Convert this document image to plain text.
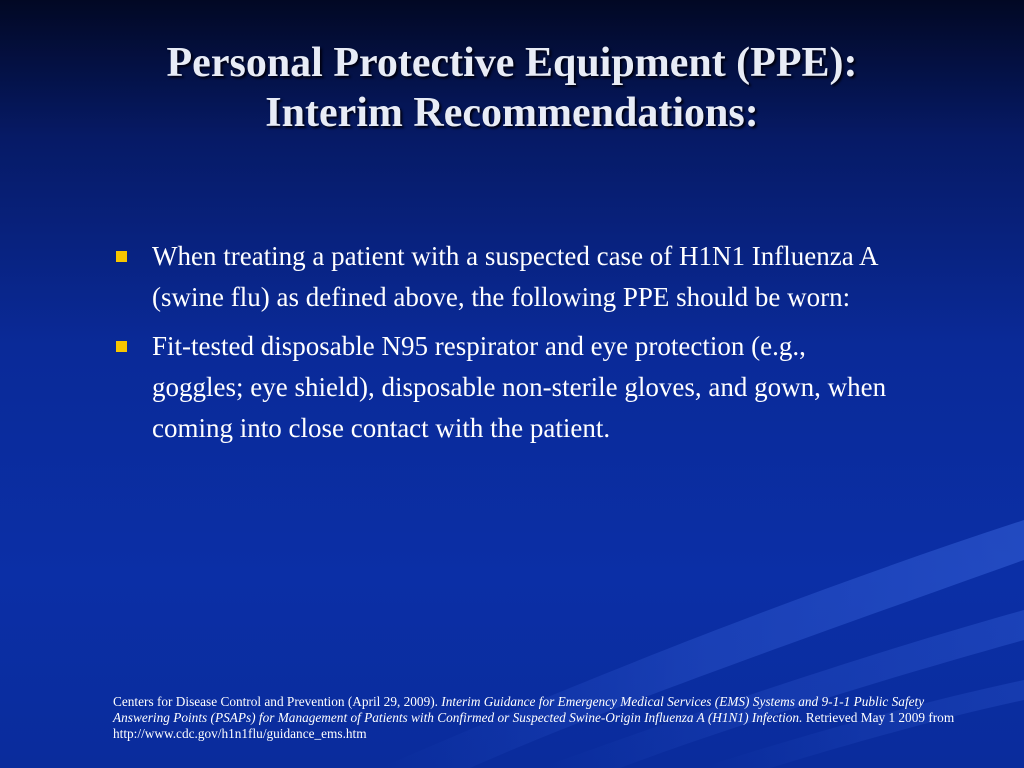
Personal Protective Equipment (PPE):
Interim Recommendations:
When treating a patient with a suspected case of H1N1 Influenza A (swine flu) as defined above, the following PPE should be worn:
Fit-tested disposable N95 respirator and eye protection (e.g., goggles; eye shield), disposable non-sterile gloves, and gown, when coming into close contact with the patient.
Centers for Disease Control and Prevention (April 29, 2009). Interim Guidance for Emergency Medical Services (EMS) Systems and 9-1-1 Public Safety Answering Points (PSAPs) for Management of Patients with Confirmed or Suspected Swine-Origin Influenza A (H1N1) Infection. Retrieved May 1 2009 from http://www.cdc.gov/h1n1flu/guidance_ems.htm
